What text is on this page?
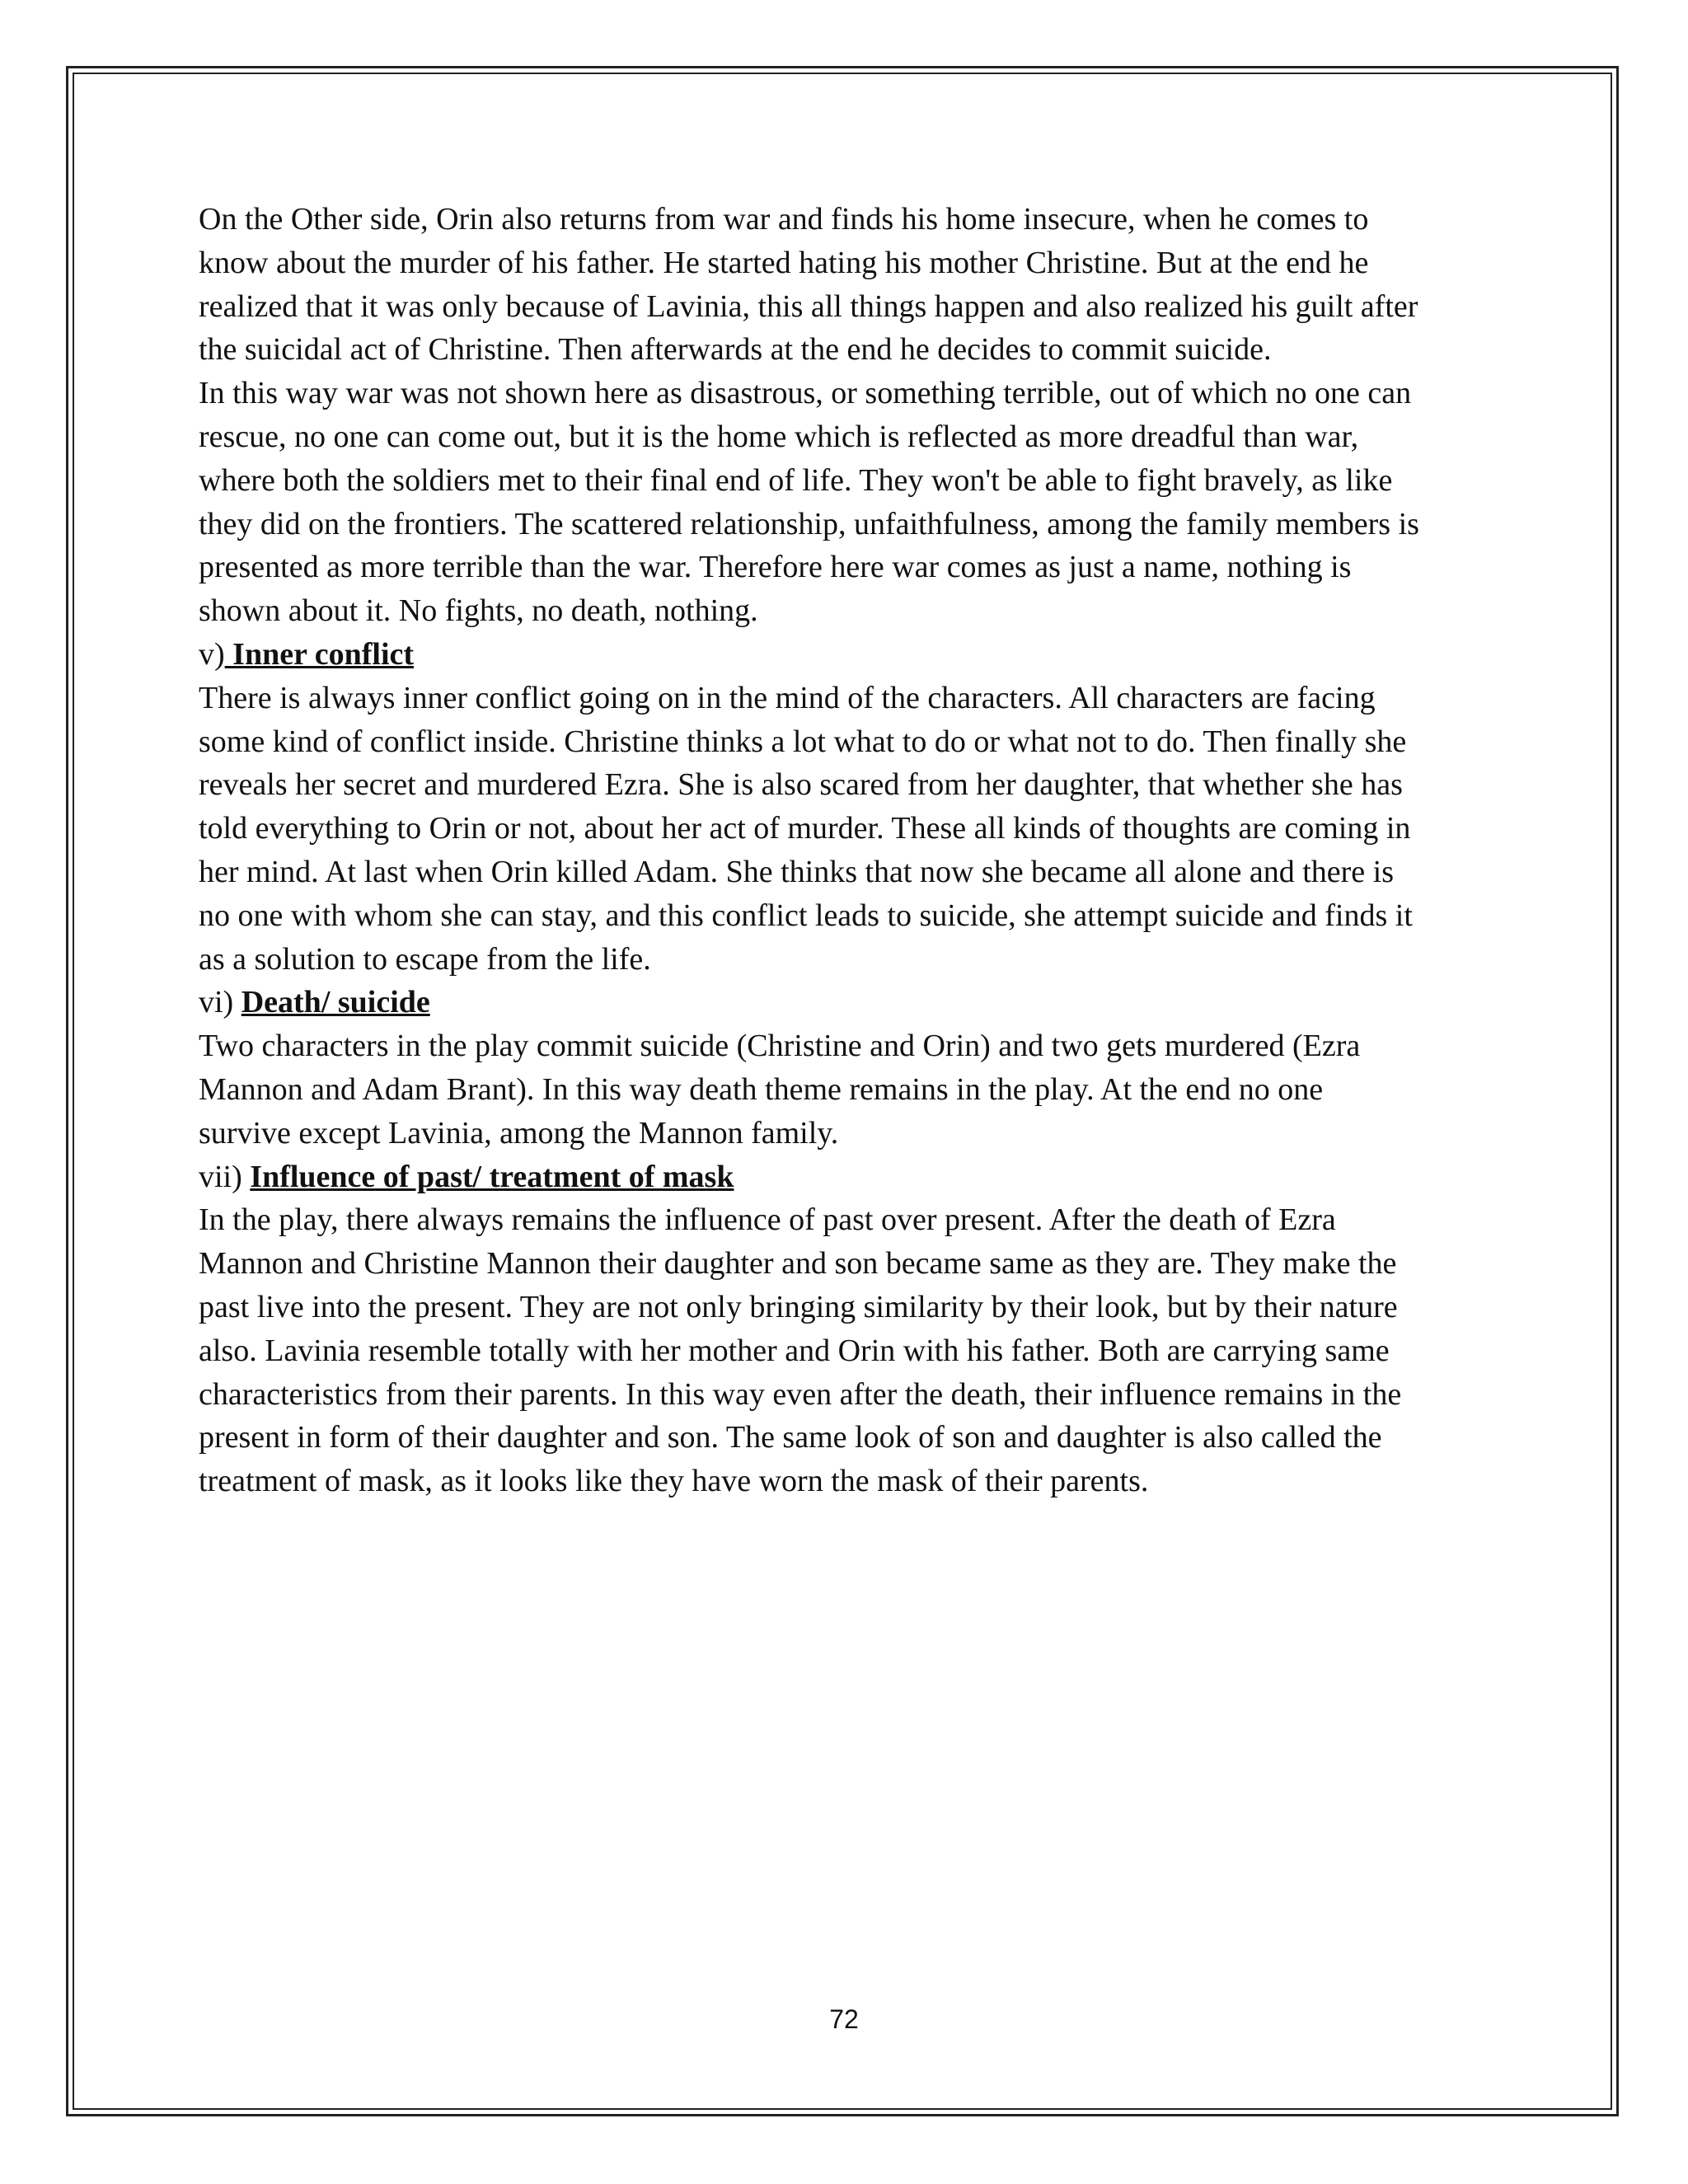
On the Other side, Orin also returns from war and finds his home insecure, when he comes to

know about the murder of his father. He started hating his mother Christine. But at the end he

realized that it was only because of Lavinia, this all things happen and also realized his guilt after

the suicidal act of Christine. Then afterwards at the end he decides to commit suicide.

In this way war was not shown here as disastrous, or something terrible, out of which no one can

rescue, no one can come out, but it is the home which is reflected as more dreadful than war,

where both the soldiers met to their final end of life. They won't be able to fight bravely, as like

they did on the frontiers. The scattered relationship, unfaithfulness, among the family members is

presented as more terrible than the war. Therefore here war comes as just a name, nothing is

shown about it. No fights, no death, nothing.

v) Inner conflict

There is always inner conflict going on in the mind of the characters. All characters are facing

some kind of conflict inside. Christine thinks a lot what to do or what not to do. Then finally she

reveals her secret and murdered Ezra. She is also scared from her daughter, that whether she has

told everything to Orin or not, about her act of murder. These all kinds of thoughts are coming in

her mind. At last when Orin killed Adam. She thinks that now she became all alone and there is

no one with whom she can stay, and this conflict leads to suicide, she attempt suicide and finds it

as a solution to escape from the life.

vi) Death/ suicide

Two characters in the play commit suicide (Christine and Orin) and two gets murdered (Ezra

Mannon and Adam Brant). In this way death theme remains in the play. At the end no one

survive except Lavinia, among the Mannon family.

vii) Influence of past/ treatment of mask

In the play, there always remains the influence of past over present. After the death of Ezra

Mannon and Christine Mannon their daughter and son became same as they are. They make the

past live into the present. They are not only bringing similarity by their look, but by their nature

also. Lavinia resemble totally with her mother and Orin with his father. Both are carrying same

characteristics from their parents. In this way even after the death, their influence remains in the

present in form of their daughter and son. The same look of son and daughter is also called the

treatment of mask, as it looks like they have worn the mask of their parents.

72
